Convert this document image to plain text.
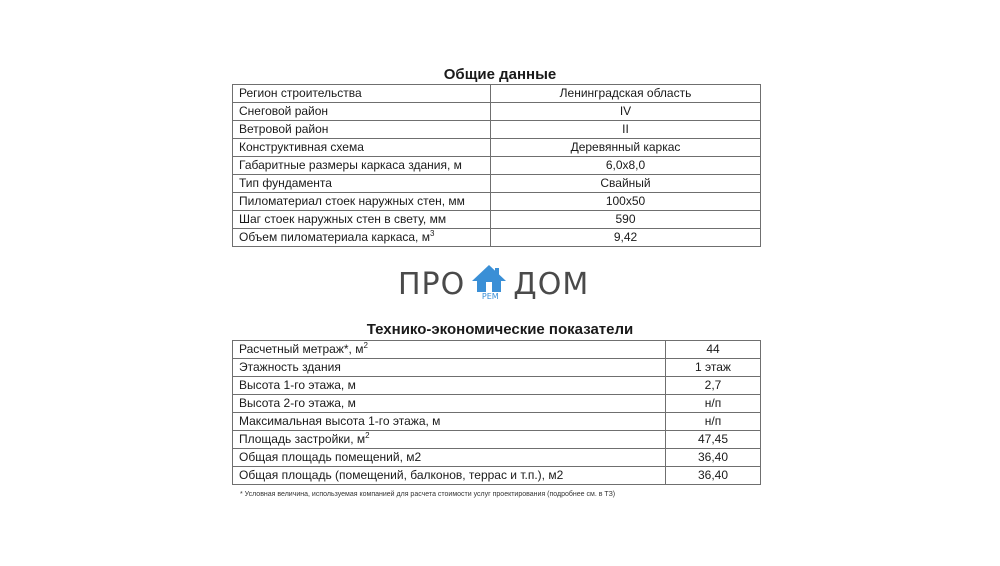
Общие данные
Регион строительства	Ленинградская область
Снеговой район	IV
Ветровой район	II
Конструктивная схема	Деревянный каркас
Габаритные размеры каркаса здания, м	6,0х8,0
Тип фундамента	Свайный
Пиломатериал стоек наружных стен, мм	100х50
Шаг стоек наружных стен в свету, мм	590
Объем пиломатериала каркаса, $м^3$	9,42
ПРО	РЕМ ДОМ
Технико-экономические показатели
Расчетный метраж*, $м^2$	44
Этажность здания	1 этаж
Высота 1-го этажа, м	2,7
Высота 2-го этажа, м	н/п
Максимальная высота 1-го этажа, м	н/п
Площадь застройки, $м^2$	47,45
Общая площадь помещений, м2	36,40
Общая площадь (помещений, балконов, террас и т.п.), м2	36,40
* Условная величина, используемая компанией для расчета стоимости услуг проектирования (подробнее см. в ТЗ)
